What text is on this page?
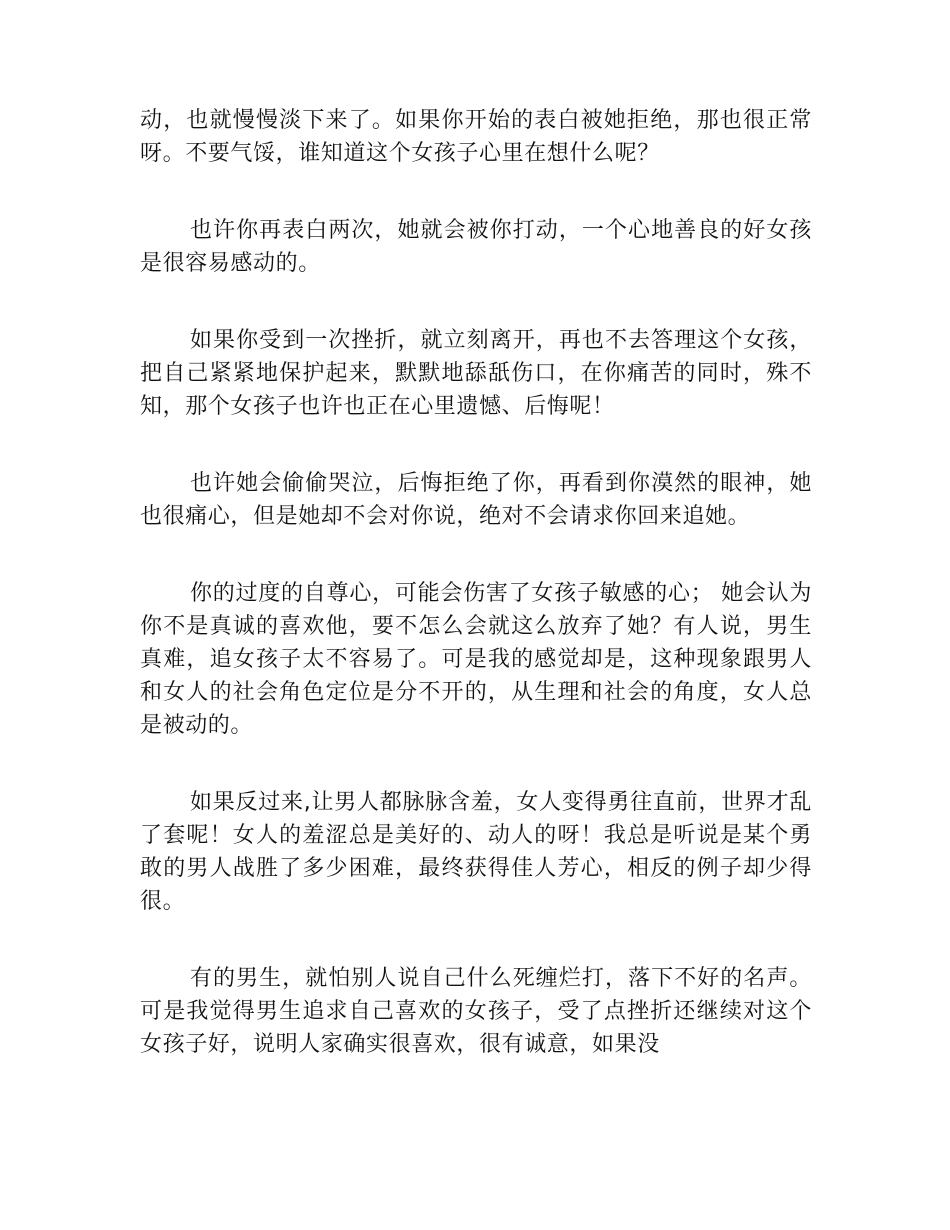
动，也就慢慢淡下来了。如果你开始的表白被她拒绝，那也很正常呀。不要气馁，谁知道这个女孩子心里在想什么呢？

也许你再表白两次，她就会被你打动，一个心地善良的好女孩是很容易感动的。

如果你受到一次挫折，就立刻离开，再也不去答理这个女孩，把自己紧紧地保护起来，默默地舔舐伤口，在你痛苦的同时，殊不知，那个女孩子也许也正在心里遗憾、后悔呢！

也许她会偷偷哭泣，后悔拒绝了你，再看到你漠然的眼神，她也很痛心，但是她却不会对你说，绝对不会请求你回来追她。

你的过度的自尊心，可能会伤害了女孩子敏感的心； 她会认为你不是真诚的喜欢他，要不怎么会就这么放弃了她？有人说，男生真难，追女孩子太不容易了。可是我的感觉却是，这种现象跟男人和女人的社会角色定位是分不开的，从生理和社会的角度，女人总是被动的。

如果反过来,让男人都脉脉含羞，女人变得勇往直前，世界才乱了套呢！女人的羞涩总是美好的、动人的呀！我总是听说是某个勇敢的男人战胜了多少困难，最终获得佳人芳心，相反的例子却少得很。

有的男生，就怕别人说自己什么死缠烂打，落下不好的名声。可是我觉得男生追求自己喜欢的女孩子，受了点挫折还继续对这个女孩子好，说明人家确实很喜欢，很有诚意，如果没
